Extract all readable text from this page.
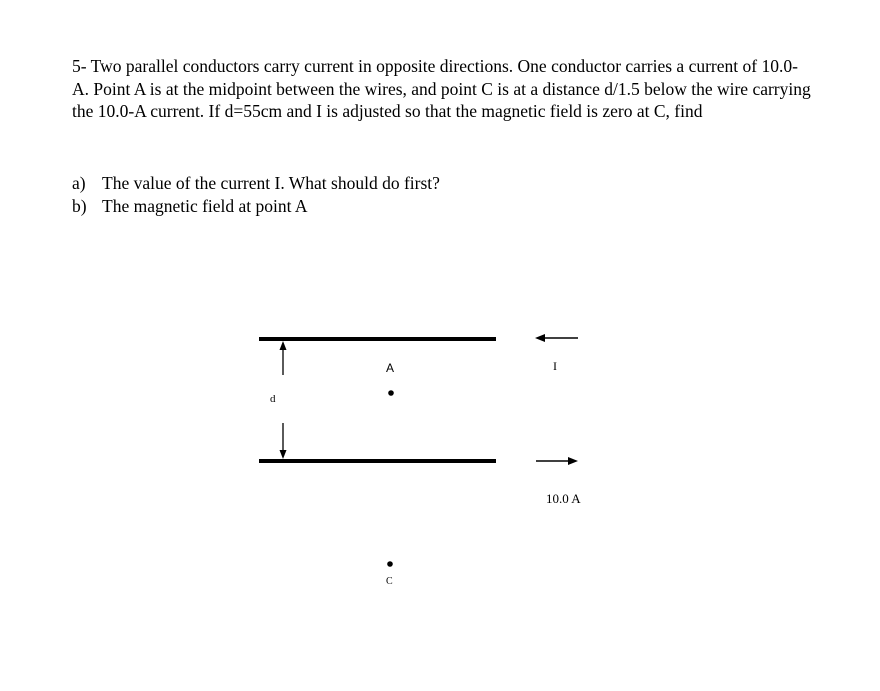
5- Two parallel conductors carry current in opposite directions. One conductor carries a current of 10.0-A. Point A is at the midpoint between the wires, and point C is at a distance d/1.5 below the wire carrying the 10.0-A current. If d=55cm and I is adjusted so that the magnetic field is zero at C, find

a) The value of the current I. What should do first?
b) The magnetic field at point A
d
A
C
I
10.0 A
